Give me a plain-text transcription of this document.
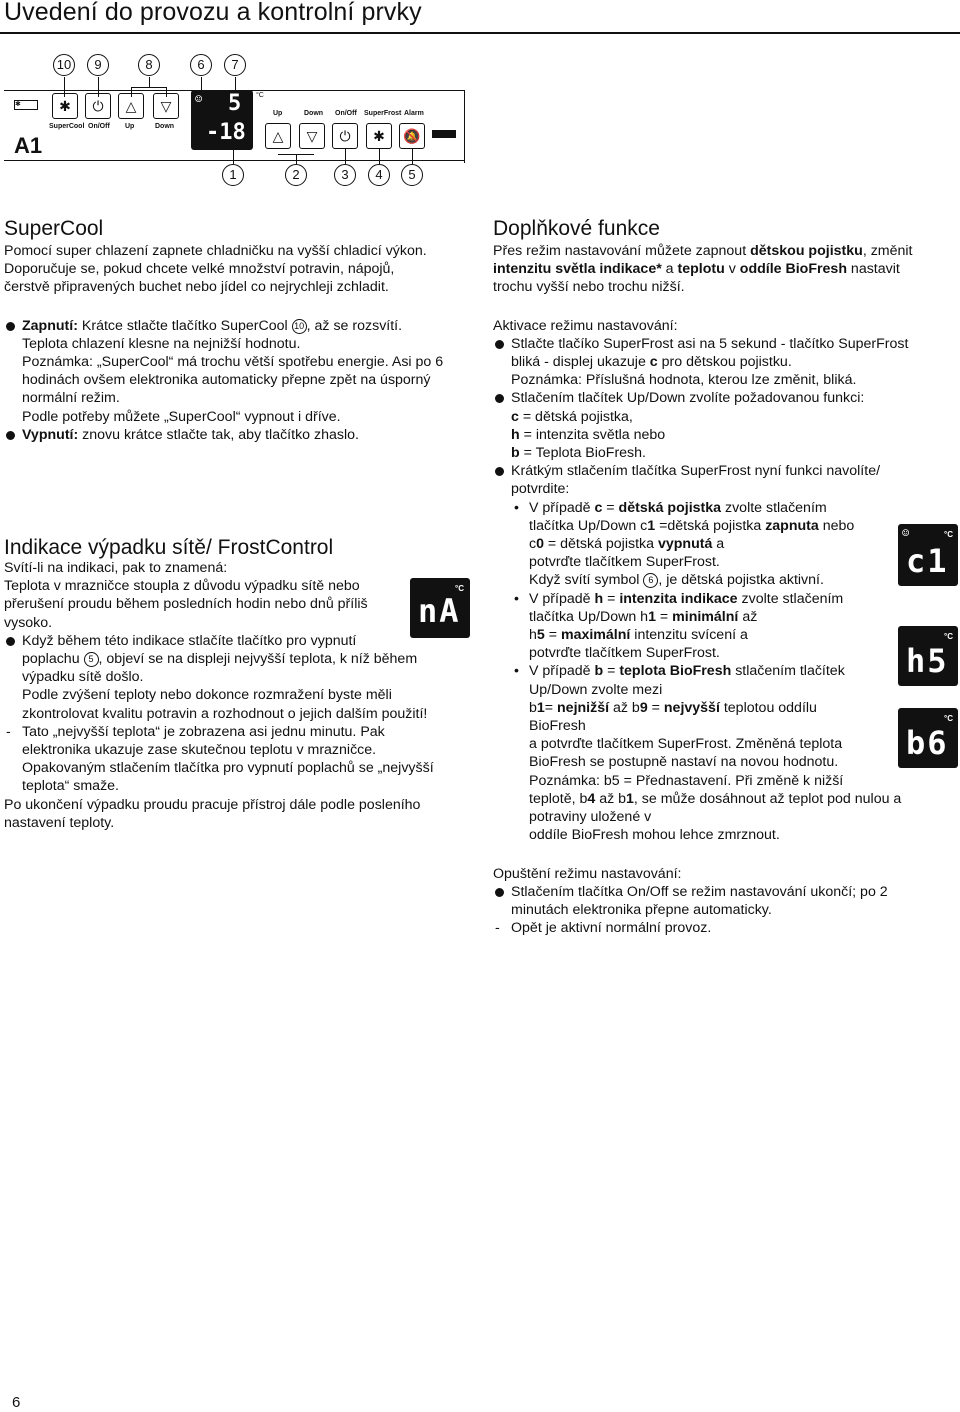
Uvedení do provozu a kontrolní prvky
10	9	8	6	7
A1
✱	✱	⏻	△	▽
SuperCool On/Off Up	Down
☺ 5
-18
°C
Up	Down On/Off SuperFrost Alarm
△	▽	⏻	✱	🔕
1	2	3	4	5
SuperCool

Pomocí super chlazení zapnete chladničku na vyšší chladicí výkon.

Doporučuje se, pokud chcete velké množství potravin, nápojů,

čerstvě připravených buchet nebo jídel co nejrychleji zchladit.

Zapnutí: Krátce stlačte tlačítko SuperCool 10 , až se rozsvítí.

Teplota chlazení klesne na nejnižší hodnotu.

Poznámka: „SuperCool“ má trochu větší spotřebu energie. Asi po 6

hodinách ovšem elektronika automaticky přepne zpět na úsporný

normální režim.

Podle potřeby můžete „SuperCool“ vypnout i dříve.

Vypnutí: znovu krátce stlačte tak, aby tlačítko zhaslo.

Indikace výpadku sítě/ FrostControl

Svítí-li na indikaci, pak to znamená:

Teplota v mrazničce stoupla z důvodu výpadku sítě nebo

přerušení proudu během posledních hodin nebo dnů příliš

vysoko.

Když během této indikace stlačíte tlačítko pro vypnutí

poplachu 5 , objeví se na displeji nejvyšší teplota, k níž během

výpadku sítě došlo.

Podle zvýšení teploty nebo dokonce rozmražení byste měli

zkontrolovat kvalitu potravin a rozhodnout o jejich dalším použití!

- Tato „nejvyšší teplota“ je zobrazena asi jednu minutu. Pak

elektronika ukazuje zase skutečnou teplotu v mrazničce.

Opakovaným stlačením tlačítka pro vypnutí poplachů se „nejvyšší

teplota“ smaže.

Po ukončení výpadku proudu pracuje přístroj dále podle posleního

nastavení teploty.

°C
nA
Doplňkové funkce

Přes režim nastavování můžete zapnout dětskou pojistku, změnit

intenzitu světla indikace* a teplotu v oddíle BioFresh nastavit

trochu vyšší nebo trochu nižší.

Aktivace režimu nastavování:

Stlačte tlačíko SuperFrost asi na 5 sekund - tlačítko SuperFrost

bliká - displej ukazuje c pro dětskou pojistku.

Poznámka: Příslušná hodnota, kterou lze změnit, bliká.

Stlačením tlačítek Up/Down zvolíte požadovanou funkci:

c = dětská pojistka,

h = intenzita světla nebo

b = Teplota BioFresh.

Krátkým stlačením tlačítka SuperFrost nyní funkci navolíte/

potvrdite:

• V případě c = dětská pojistka zvolte stlačením

tlačítka Up/Down c1 =dětská pojistka zapnuta nebo

c0 = dětská pojistka vypnutá a

potvrďte tlačítkem SuperFrost.

Když svítí symbol 6 , je dětská pojistka aktivní.

• V případě h = intenzita indikace zvolte stlačením

tlačítka Up/Down h1 = minimální až

h5 = maximální intenzitu svícení a

potvrďte tlačítkem SuperFrost.

• V případě b = teplota BioFresh stlačením tlačítek

Up/Down zvolte mezi

b1= nejnižší až b9 = nejvyšší teplotou oddílu

BioFresh

a potvrďte tlačítkem SuperFrost. Změněná teplota

BioFresh se postupně nastaví na novou hodnotu.

Poznámka: b5 = Přednastavení. Při změně k nižší

teplotě, b4 až b1, se může dosáhnout až teplot pod nulou a

potraviny uložené v

oddíle BioFresh mohou lehce zmrznout.

Opuštění režimu nastavování:

Stlačením tlačítka On/Off se režim nastavování ukončí; po 2

minutách elektronika přepne automaticky.

- Opět je aktivní normální provoz.

☺	°C
c1
°C
h5
°C
b6
6
